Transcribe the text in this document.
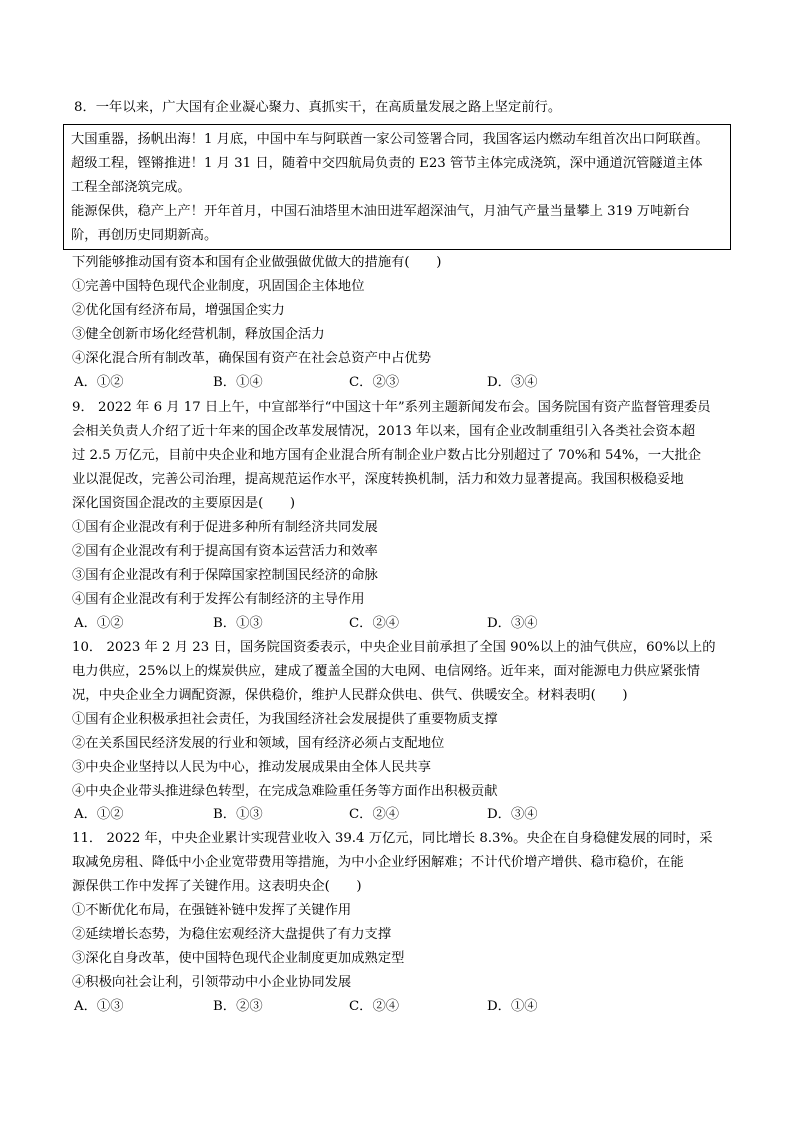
8．一年以来，广大国有企业凝心聚力、真抓实干，在高质量发展之路上坚定前行。
大国重器，扬帆出海！1 月底，中国中车与阿联酋一家公司签署合同，我国客运内燃动车组首次出口阿联酋。
超级工程，铿锵推进！1 月 31 日，随着中交四航局负责的 E23 管节主体完成浇筑，深中通道沉管隧道主体
工程全部浇筑完成。
能源保供，稳产上产！开年首月，中国石油塔里木油田进军超深油气，月油气产量当量攀上 319 万吨新台
阶，再创历史同期新高。
下列能够推动国有资本和国有企业做强做优做大的措施有(　　)
①完善中国特色现代企业制度，巩固国企主体地位
②优化国有经济布局，增强国企实力
③健全创新市场化经营机制，释放国企活力
④深化混合所有制改革，确保国有资产在社会总资产中占优势
A．①②	B．①④	C．②③	D．③④
9． 2022 年 6 月 17 日上午，中宣部举行“中国这十年”系列主题新闻发布会。国务院国有资产监督管理委员
会相关负责人介绍了近十年来的国企改革发展情况，2013 年以来，国有企业改制重组引入各类社会资本超
过 2.5 万亿元，目前中央企业和地方国有企业混合所有制企业户数占比分别超过了 70%和 54%，一大批企
业以混促改，完善公司治理，提高规范运作水平，深度转换机制，活力和效力显著提高。我国积极稳妥地
深化国资国企混改的主要原因是(　　)
①国有企业混改有利于促进多种所有制经济共同发展
②国有企业混改有利于提高国有资本运营活力和效率
③国有企业混改有利于保障国家控制国民经济的命脉
④国有企业混改有利于发挥公有制经济的主导作用
A．①②	B．①③	C．②④	D．③④
10． 2023 年 2 月 23 日，国务院国资委表示，中央企业目前承担了全国 90%以上的油气供应，60%以上的
电力供应，25%以上的煤炭供应，建成了覆盖全国的大电网、电信网络。近年来，面对能源电力供应紧张情
况，中央企业全力调配资源，保供稳价，维护人民群众供电、供气、供暖安全。材料表明(　　)
①国有企业积极承担社会责任，为我国经济社会发展提供了重要物质支撑
②在关系国民经济发展的行业和领域，国有经济必须占支配地位
③中央企业坚持以人民为中心，推动发展成果由全体人民共享
④中央企业带头推进绿色转型，在完成急难险重任务等方面作出积极贡献
A．①②	B．①③	C．②④	D．③④
11． 2022 年，中央企业累计实现营业收入 39.4 万亿元，同比增长 8.3%。央企在自身稳健发展的同时，采
取减免房租、降低中小企业宽带费用等措施，为中小企业纾困解难；不计代价增产增供、稳市稳价，在能
源保供工作中发挥了关键作用。这表明央企(　　)
①不断优化布局，在强链补链中发挥了关键作用
②延续增长态势，为稳住宏观经济大盘提供了有力支撑
③深化自身改革，使中国特色现代企业制度更加成熟定型
④积极向社会让利，引领带动中小企业协同发展
A．①③	B．②③	C．②④	D．①④
